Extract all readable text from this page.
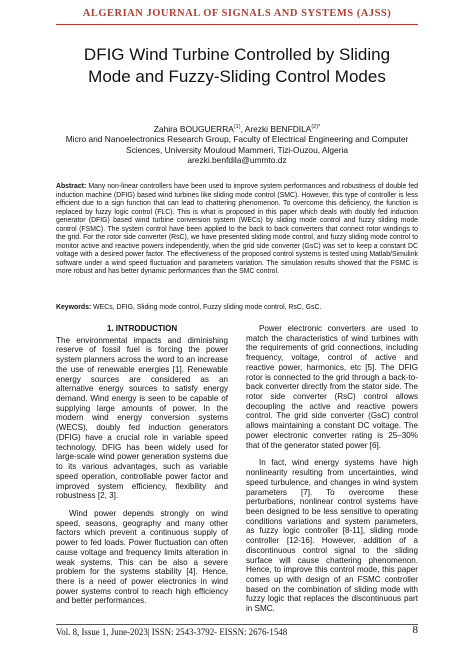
ALGERIAN JOURNAL OF SIGNALS AND SYSTEMS (AJSS)
DFIG Wind Turbine Controlled by Sliding
Mode and Fuzzy-Sliding Control Modes
Zahira BOUGUERRA$^{(1)}$, Arezki $BENFDILA^{(2)*}$
Micro and Nanoelectronics Research Group, Faculty of Electrical Engineering and Computer
Sciences, University Mouloud Mammeri, Tizi-Ouzou, Algeria
arezki.benfdila@ummto.dz
Abstract: Many non-linear controllers have been used to improve system performances and robustness of double fed induction machine (DFIG) based wind turbines like sliding mode control (SMC). However, this type of controller is less efficient due to a sign function that can lead to chattering phenomenon. To overcome this deficiency, the function is replaced by fuzzy logic control (FLC). This is what is proposed in this paper which deals with doubly fed induction generator (DFIG) based wind turbine conversion system (WECs) by sliding mode control and fuzzy sliding mode control (FSMC). The system control have been applied to the back to back converters that connect rotor windings to the grid. For the rotor side converter (RsC), we have presented sliding mode control, and fuzzy sliding mode control to monitor active and reactive powers independently, when the grid side converter (GsC) was set to keep a constant DC voltage with a desired power factor. The effectiveness of the proposed control systems is tested using Matlab/Simulink software under a wind speed fluctuation and parameters variation. The simulation results showed that the FSMC is more robust and has better dynamic performances than the SMC control.
Keywords: WECs, DFIG, Sliding mode control, Fuzzy sliding mode control, RsC, GsC.
1. INTRODUCTION

The environmental impacts and diminishing reserve of fossil fuel is forcing the power system planners across the word to an increase the use of renewable energies [1]. Renewable energy sources are considered as an alternative energy sources to satisfy energy demand. Wind energy is seen to be capable of supplying large amounts of power. In the modern wind energy conversion systems (WECS), doubly fed induction generators (DFIG) have a crucial role in variable speed technology. DFIG has been widely used for large-scale wind power generation systems due to its various advantages, such as variable speed operation, controllable power factor and improved system efficiency, flexibility and robustness [2, 3].

Wind power depends strongly on wind speed, seasons, geography and many other factors which prevent a continuous supply of power to fed loads. Power fluctuation can often cause voltage and frequency limits alteration in weak systems. This can be also a severe problem for the systems stability [4]. Hence, there is a need of power electronics in wind power systems control to reach high efficiency and better performances.

Power electronic converters are used to match the characteristics of wind turbines with the requirements of grid connections, including frequency, voltage, control of active and reactive power, harmonics, etc [5]. The DFIG rotor is connected to the grid through a back-to-back converter directly from the stator side. The rotor side converter (RsC) control allows decoupling the active and reactive powers control. The grid side converter (GsC) control allows maintaining a constant DC voltage. The power electronic converter rating is 25–30% that of the generator stated power [6].

In fact, wind energy systems have high nonlinearity resulting from uncertainties, wind speed turbulence, and changes in wind system parameters [7]. To overcome these perturbations, nonlinear control systems have been designed to be less sensitive to operating conditions variations and system parameters, as fuzzy logic controller [8-11], sliding mode controller [12-16]. However, addition of a discontinuous control signal to the sliding surface will cause chattering phenomenon. Hence, to improve this control mode, this paper comes up with design of an FSMC controller based on the combination of sliding mode with fuzzy logic that replaces the discontinuous part in SMC.

Vol. 8, Issue 1, June-2023| ISSN: 2543-3792- EISSN: 2676-1548	8
